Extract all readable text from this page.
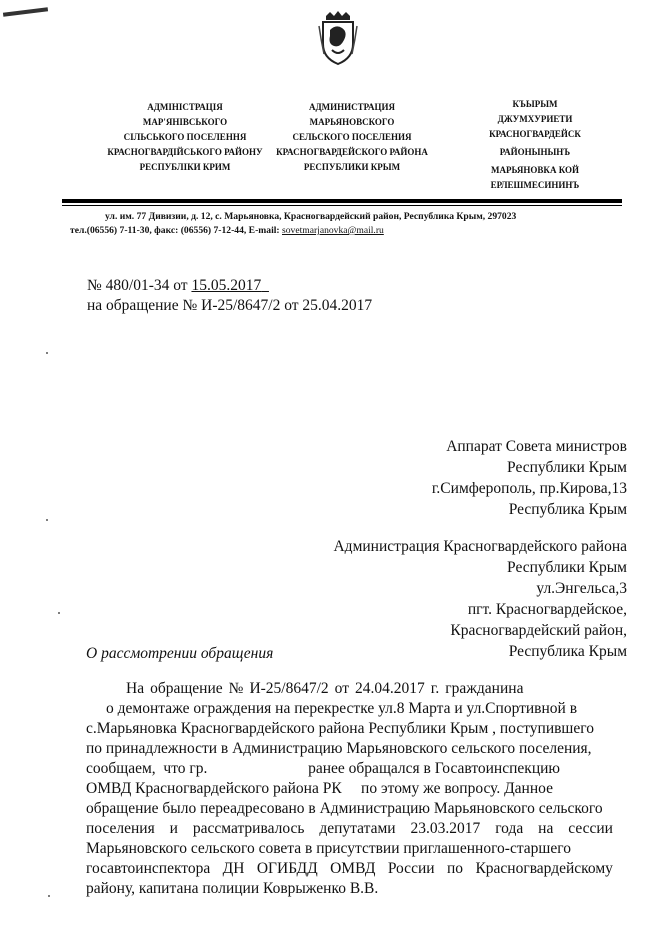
АДМІНІСТРАЦІЯ
МАР'ЯНІВСЬКОГО
СІЛЬСЬКОГО ПОСЕЛЕННЯ
КРАСНОГВАРДІЙСЬКОГО РАЙОНУ
РЕСПУБЛІКИ КРИМ
АДМИНИСТРАЦИЯ
МАРЬЯНОВСКОГО
СЕЛЬСКОГО ПОСЕЛЕНИЯ
КРАСНОГВАРДЕЙСКОГО РАЙОНА
РЕСПУБЛИКИ КРЫМ
КЪЫРЫМ
ДЖУМХУРИЕТИ
КРАСНОГВАРДЕЙСК
РАЙОНЫНЫНЪ
МАРЬЯНОВКА КОЙ
ЕРЛЕШМЕСИНИНЪ
ул. им. 77 Дивизии, д. 12, с. Марьяновка, Красногвардейский район, Республика Крым, 297023
тел.(06556) 7-11-30, факс: (06556) 7-12-44, E-mail: sovetmarjanovka@mail.ru
№ 480/01-34 от 15.05.2017
на обращение № И-25/8647/2 от 25.04.2017
Аппарат Совета министров
Республики Крым
г.Симферополь, пр.Кирова,13
Республика Крым
Администрация Красногвардейского района
Республики Крым
ул.Энгельса,3
пгт. Красногвардейское,
Красногвардейский район,
Республика Крым
О рассмотрении обращения
На обращение № И-25/8647/2 от 24.04.2017 г. гражданина
о демонтаже ограждения на перекрестке ул.8 Марта и ул.Спортивной в
с.Марьяновка Красногвардейского района Республики Крым , поступившего
по принадлежности в Администрацию Марьяновского сельского поселения,
сообщаем,  что гр.                          ранее обращался в Госавтоинспекцию
ОМВД Красногвардейского района РК     по этому же вопросу. Данное
обращение было переадресовано в Администрацию Марьяновского сельского
поселения и рассматривалось депутатами 23.03.2017 года на сессии
Марьяновского сельского совета в присутствии приглашенного-старшего
госавтоинспектора ДН ОГИБДД ОМВД России по Красногвардейскому
району, капитана полиции Коврыженко В.В.
